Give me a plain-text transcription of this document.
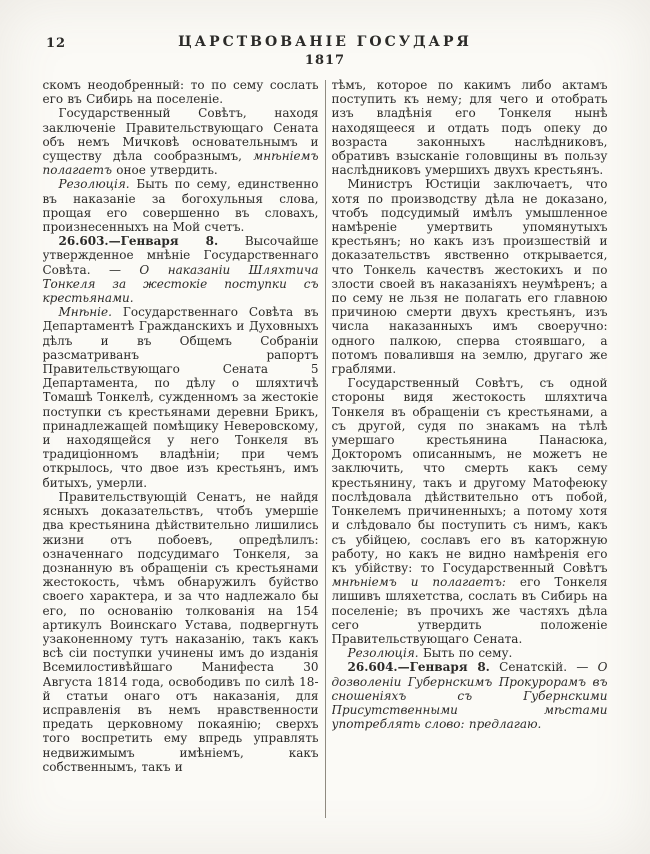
12	ЦАРСТВОВАНІЕ ГОСУДАРЯ
1817

скомъ неодобренный: то по сему сослать его въ Сибирь на поселеніе.

Государственный Совѣтъ, находя заключеніе Правительствующаго Сената объ немъ Мичковѣ основательнымъ и существу дѣла сообразнымъ, мнѣніемъ полагаетъ оное утвердить.

Резолюція. Быть по сему, единственно въ наказаніе за богохульныя слова, прощая его совершенно въ словахъ, произнесенныхъ на Мой счетъ.

26.603.—Генваря 8. Высочайше утвержденное мнѣніе Государственнаго Совѣта. — О наказаніи Шляхтича Тонкеля за жестокіе поступки съ крестьянами.

Мнѣніе. Государственнаго Совѣта въ Департаментѣ Гражданскихъ и Духовныхъ дѣлъ и въ Общемъ Собраніи разсматриванъ рапортъ Правительствующаго Сената 5 Департамента, по дѣлу о шляхтичѣ Томашѣ Тонкелѣ, сужденномъ за жестокіе поступки съ крестьянами деревни Брикъ, принадлежащей помѣщику Неверовскому, и находящейся у него Тонкеля въ традиціонномъ владѣніи; при чемъ открылось, что двое изъ крестьянъ, имъ битыхъ, умерли.

Правительствующій Сенатъ, не найдя ясныхъ доказательствъ, чтобъ умершіе два крестьянина дѣйствительно лишились жизни отъ побоевъ, опредѣлилъ: означеннаго подсудимаго Тонкеля, за дознанную въ обращеніи съ крестьянами жестокость, чѣмъ обнаружилъ буйство своего характера, и за что надлежало бы его, по основанію толкованія на 154 артикулъ Воинскаго Устава, подвергнуть узаконенному тутъ наказанію, такъ какъ всѣ сіи поступки учинены имъ до изданія Всемилостивѣйшаго Манифеста 30 Августа 1814 года, освободивъ по силѣ 18-й статьи онаго отъ наказанія, для исправленія въ немъ нравственности предать церковному покаянію; сверхъ того воспретить ему впредь управлять недвижимымъ имѣніемъ, какъ собственнымъ, такъ и

тѣмъ, которое по какимъ либо актамъ поступить къ нему; для чего и отобрать изъ владѣнія его Тонкеля нынѣ находящееся и отдать подъ опеку до возраста законныхъ наслѣдниковъ, обративъ взысканіе головщины въ пользу наслѣдниковъ умершихъ двухъ крестьянъ.

Министръ Юстиціи заключаетъ, что хотя по производству дѣла не доказано, чтобъ подсудимый имѣлъ умышленное намѣреніе умертвить упомянутыхъ крестьянъ; но какъ изъ произшествій и доказательствъ явственно открывается, что Тонкель качествъ жестокихъ и по злости своей въ наказаніяхъ неумѣренъ; а по сему не льзя не полагать его главною причиною смерти двухъ крестьянъ, изъ числа наказанныхъ имъ своеручно: одного палкою, сперва стоявшаго, а потомъ повалившя на землю, другаго же граблями.

Государственный Совѣтъ, съ одной стороны видя жестокость шляхтича Тонкеля въ обращеніи съ крестьянами, а съ другой, судя по знакамъ на тѣлѣ умершаго крестьянина Панасюка, Докторомъ описаннымъ, не можетъ не заключить, что смерть какъ сему крестьянину, такъ и другому Матофеюку послѣдовала дѣйствительно отъ побой, Тонкелемъ причиненныхъ; а потому хотя и слѣдовало бы поступить съ нимъ, какъ съ убійцею, сославъ его въ каторжную работу, но какъ не видно намѣренія его къ убійству: то Государственный Совѣтъ мнѣніемъ и полагаетъ: его Тонкеля лишивъ шляхетства, сослать въ Сибирь на поселеніе; въ прочихъ же частяхъ дѣла сего утвердить положеніе Правительствующаго Сената.

Резолюція. Быть по сему.

26.604.—Генваря 8. Сенатскій. — О дозволеніи Губернскимъ Прокурорамъ въ сношеніяхъ съ Губернскими Присутственными мѣстами употреблять слово: предлагаю.
